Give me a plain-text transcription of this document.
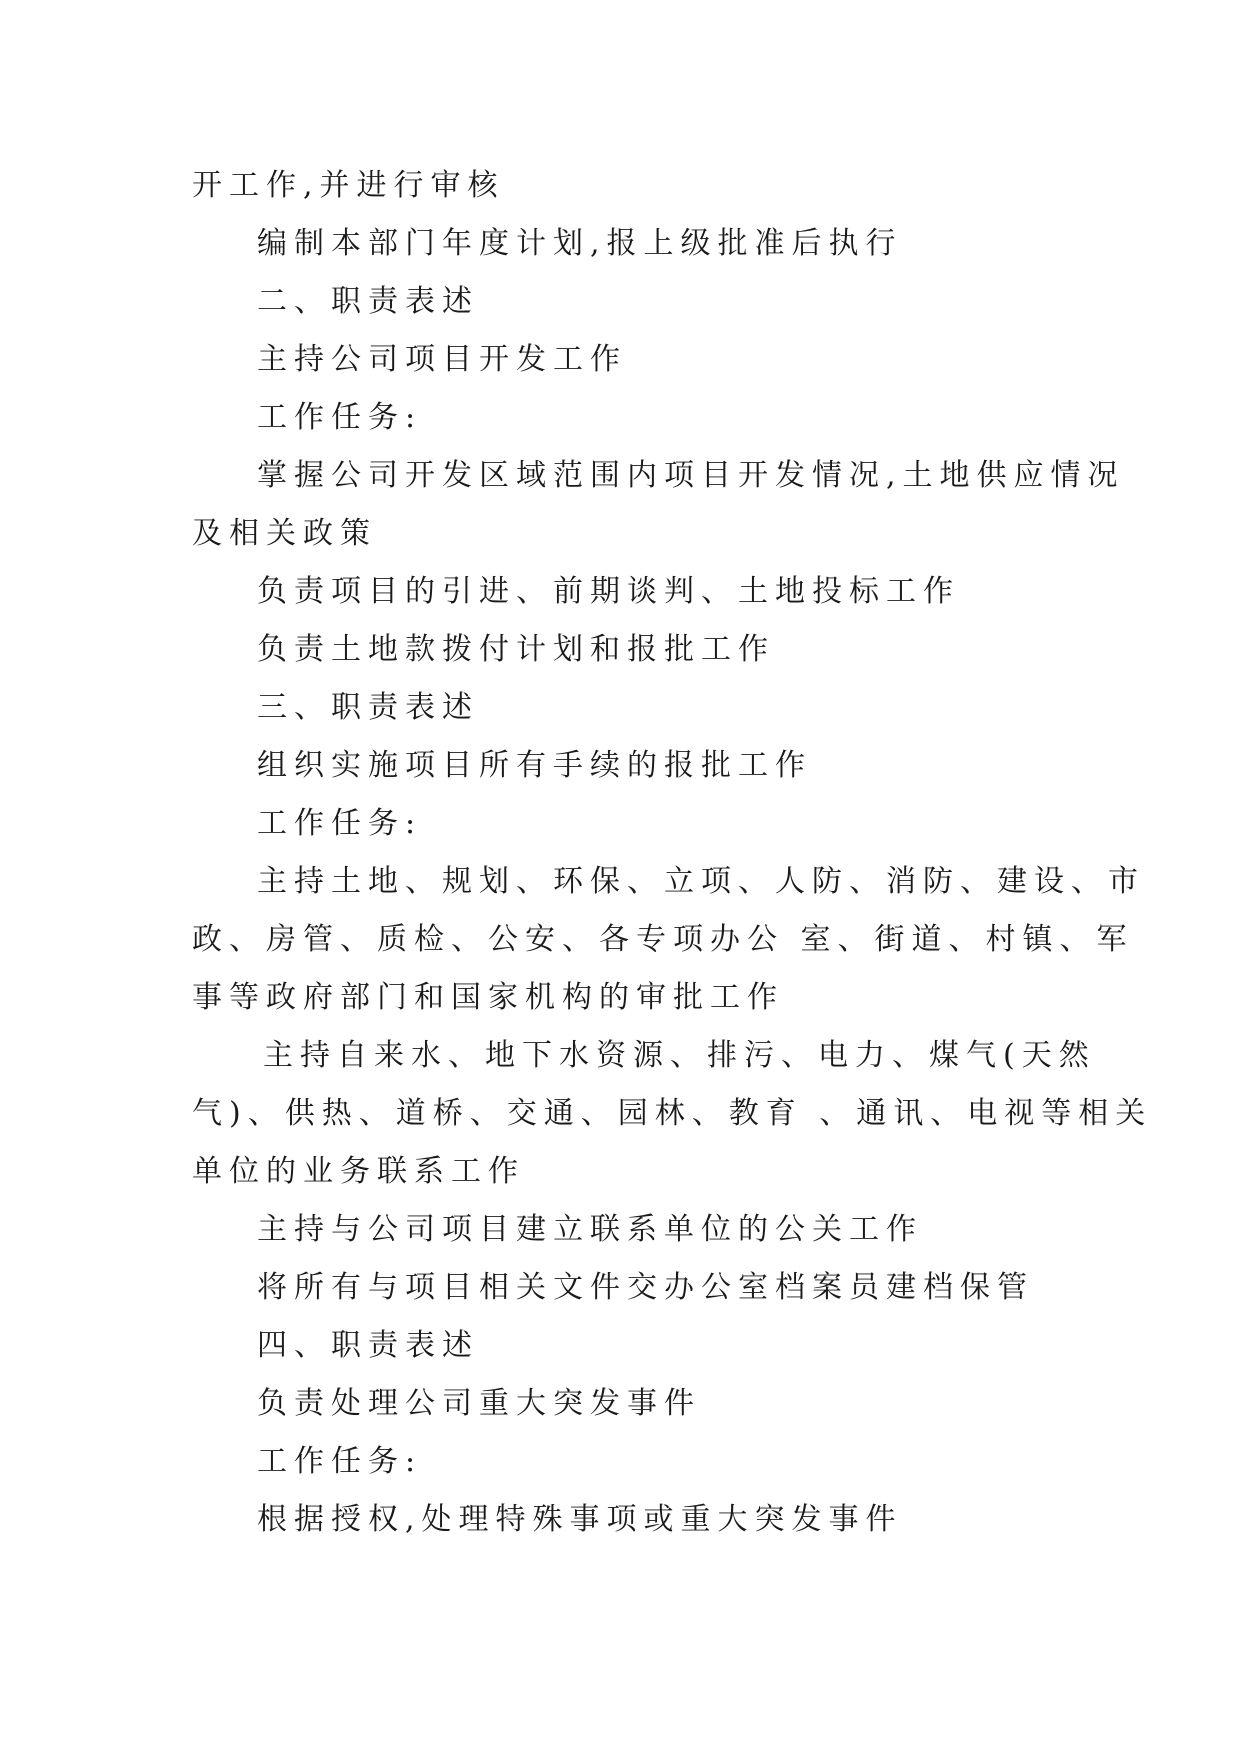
开工作,并进行审核
编制本部门年度计划,报上级批准后执行
二、职责表述
主持公司项目开发工作
工作任务:
掌握公司开发区域范围内项目开发情况,土地供应情况
及相关政策
负责项目的引进、前期谈判、土地投标工作
负责土地款拨付计划和报批工作
三、职责表述
组织实施项目所有手续的报批工作
工作任务:
主持土地、规划、环保、立项、人防、消防、建设、市
政、房管、质检、公安、各专项办公 室、街道、村镇、军
事等政府部门和国家机构的审批工作
主持自来水、地下水资源、排污、电力、煤气(天然
气)、供热、道桥、交通、园林、教育 、通讯、电视等相关
单位的业务联系工作
主持与公司项目建立联系单位的公关工作
将所有与项目相关文件交办公室档案员建档保管
四、职责表述
负责处理公司重大突发事件
工作任务:
根据授权,处理特殊事项或重大突发事件
